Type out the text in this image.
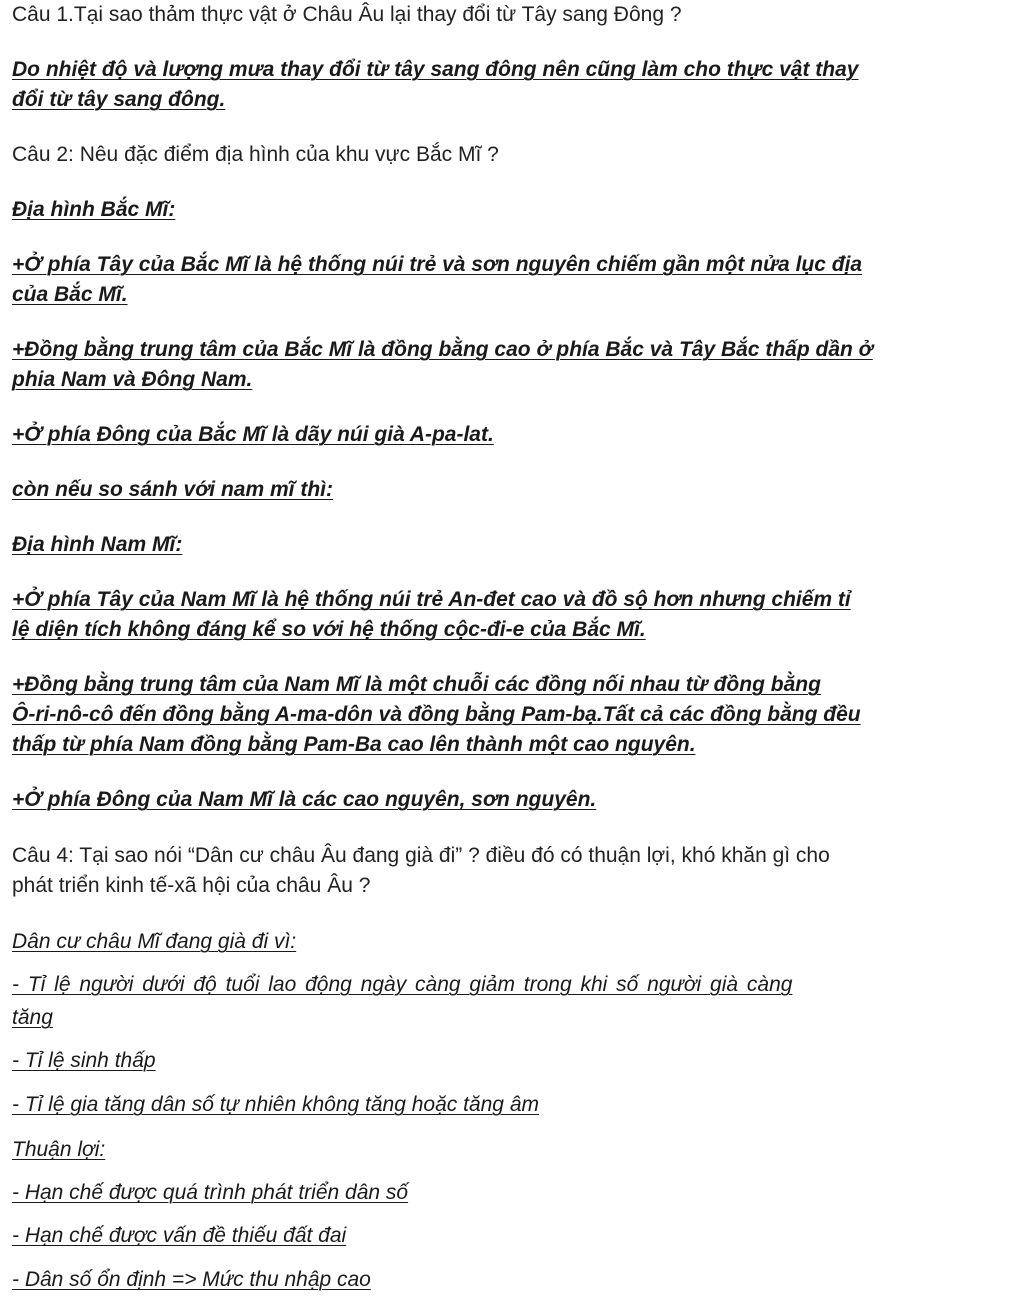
Câu 1.Tại sao thảm thực vật ở Châu Âu lại thay đổi từ Tây sang Đông ?
Do nhiệt độ và lượng mưa thay đổi từ tây sang đông nên cũng làm cho thực vật thay
đổi từ tây sang đông.
Câu 2: Nêu đặc điểm địa hình của khu vực Bắc Mĩ ?
Địa hình Bắc Mĩ:
+Ở phía Tây của Bắc Mĩ là hệ thống núi trẻ và sơn nguyên chiếm gần một nửa lục địa
của Bắc Mĩ.
+Đồng bằng trung tâm của Bắc Mĩ là đồng bằng cao ở phía Bắc và Tây Bắc thấp dần ở
phia Nam và Đông Nam.
+Ở phía Đông của Bắc Mĩ là dãy núi già A-pa-lat.
còn nếu so sánh với nam mĩ thì:
Địa hình Nam Mĩ:
+Ở phía Tây của Nam Mĩ là hệ thống núi trẻ An-đet cao và đồ sộ hơn nhưng chiếm tỉ
lệ diện tích không đáng kể so với hệ thống cộc-đi-e của Bắc Mĩ.
+Đồng bằng trung tâm của Nam Mĩ là một chuỗi các đồng nối nhau từ đồng bằng
Ô-ri-nô-cô đến đồng bằng A-ma-dôn và đồng bằng Pam-bạ.Tất cả các đồng bằng đều
thấp từ phía Nam đồng bằng Pam-Ba cao lên thành một cao nguyên.
+Ở phía Đông của Nam Mĩ là các cao nguyên, sơn nguyên.
Câu 4: Tại sao nói “Dân cư châu Âu đang già đi” ? điều đó có thuận lợi, khó khăn gì cho
phát triển kinh tế-xã hội của châu Âu ?
Dân cư châu Mĩ đang già đi vì:
- Tỉ lệ người dưới độ tuổi lao động ngày càng giảm trong khi số người già càng
tăng
- Tỉ lệ sinh thấp
- Tỉ lệ gia tăng dân số tự nhiên không tăng hoặc tăng âm
Thuận lợi:
- Hạn chế được quá trình phát triển dân số
- Hạn chế được vấn đề thiếu đất đai
- Dân số ổn định => Mức thu nhập cao
